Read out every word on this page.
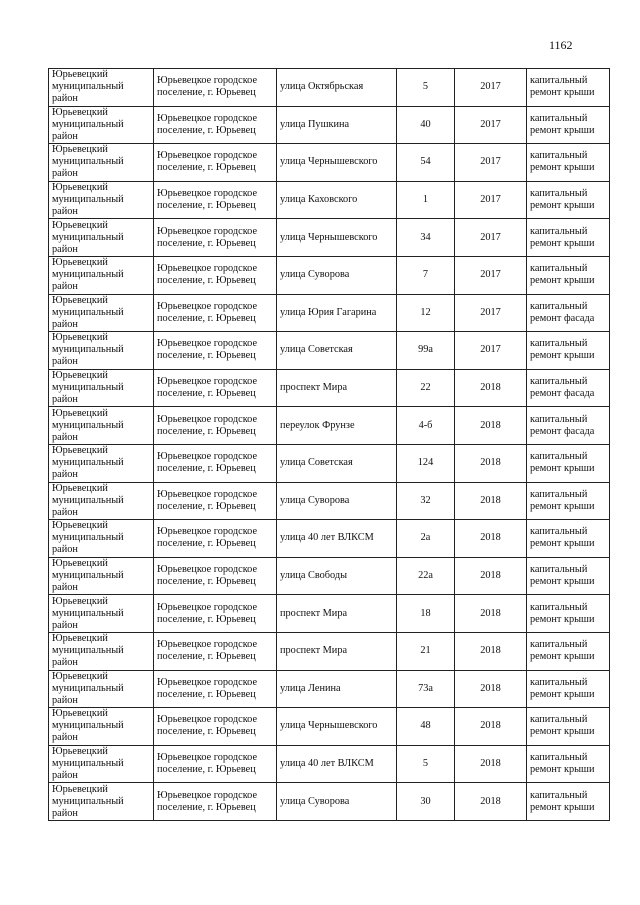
1162
Юрьевецкий муниципальный район	Юрьевецкое городское поселение, г. Юрьевец	улица Октябрьская	5	2017	капитальный ремонт крыши
Юрьевецкий муниципальный район	Юрьевецкое городское поселение, г. Юрьевец	улица Пушкина	40	2017	капитальный ремонт крыши
Юрьевецкий муниципальный район	Юрьевецкое городское поселение, г. Юрьевец	улица Чернышевского	54	2017	капитальный ремонт крыши
Юрьевецкий муниципальный район	Юрьевецкое городское поселение, г. Юрьевец	улица Каховского	1	2017	капитальный ремонт крыши
Юрьевецкий муниципальный район	Юрьевецкое городское поселение, г. Юрьевец	улица Чернышевского	34	2017	капитальный ремонт крыши
Юрьевецкий муниципальный район	Юрьевецкое городское поселение, г. Юрьевец	улица Суворова	7	2017	капитальный ремонт крыши
Юрьевецкий муниципальный район	Юрьевецкое городское поселение, г. Юрьевец	улица Юрия Гагарина	12	2017	капитальный ремонт фасада
Юрьевецкий муниципальный район	Юрьевецкое городское поселение, г. Юрьевец	улица Советская	99а	2017	капитальный ремонт крыши
Юрьевецкий муниципальный район	Юрьевецкое городское поселение, г. Юрьевец	проспект Мира	22	2018	капитальный ремонт фасада
Юрьевецкий муниципальный район	Юрьевецкое городское поселение, г. Юрьевец	переулок Фрунзе	4-б	2018	капитальный ремонт фасада
Юрьевецкий муниципальный район	Юрьевецкое городское поселение, г. Юрьевец	улица Советская	124	2018	капитальный ремонт крыши
Юрьевецкий муниципальный район	Юрьевецкое городское поселение, г. Юрьевец	улица Суворова	32	2018	капитальный ремонт крыши
Юрьевецкий муниципальный район	Юрьевецкое городское поселение, г. Юрьевец	улица 40 лет ВЛКСМ	2а	2018	капитальный ремонт крыши
Юрьевецкий муниципальный район	Юрьевецкое городское поселение, г. Юрьевец	улица Свободы	22а	2018	капитальный ремонт крыши
Юрьевецкий муниципальный район	Юрьевецкое городское поселение, г. Юрьевец	проспект Мира	18	2018	капитальный ремонт крыши
Юрьевецкий муниципальный район	Юрьевецкое городское поселение, г. Юрьевец	проспект Мира	21	2018	капитальный ремонт крыши
Юрьевецкий муниципальный район	Юрьевецкое городское поселение, г. Юрьевец	улица Ленина	73а	2018	капитальный ремонт крыши
Юрьевецкий муниципальный район	Юрьевецкое городское поселение, г. Юрьевец	улица Чернышевского	48	2018	капитальный ремонт крыши
Юрьевецкий муниципальный район	Юрьевецкое городское поселение, г. Юрьевец	улица 40 лет ВЛКСМ	5	2018	капитальный ремонт крыши
Юрьевецкий муниципальный район	Юрьевецкое городское поселение, г. Юрьевец	улица Суворова	30	2018	капитальный ремонт крыши
